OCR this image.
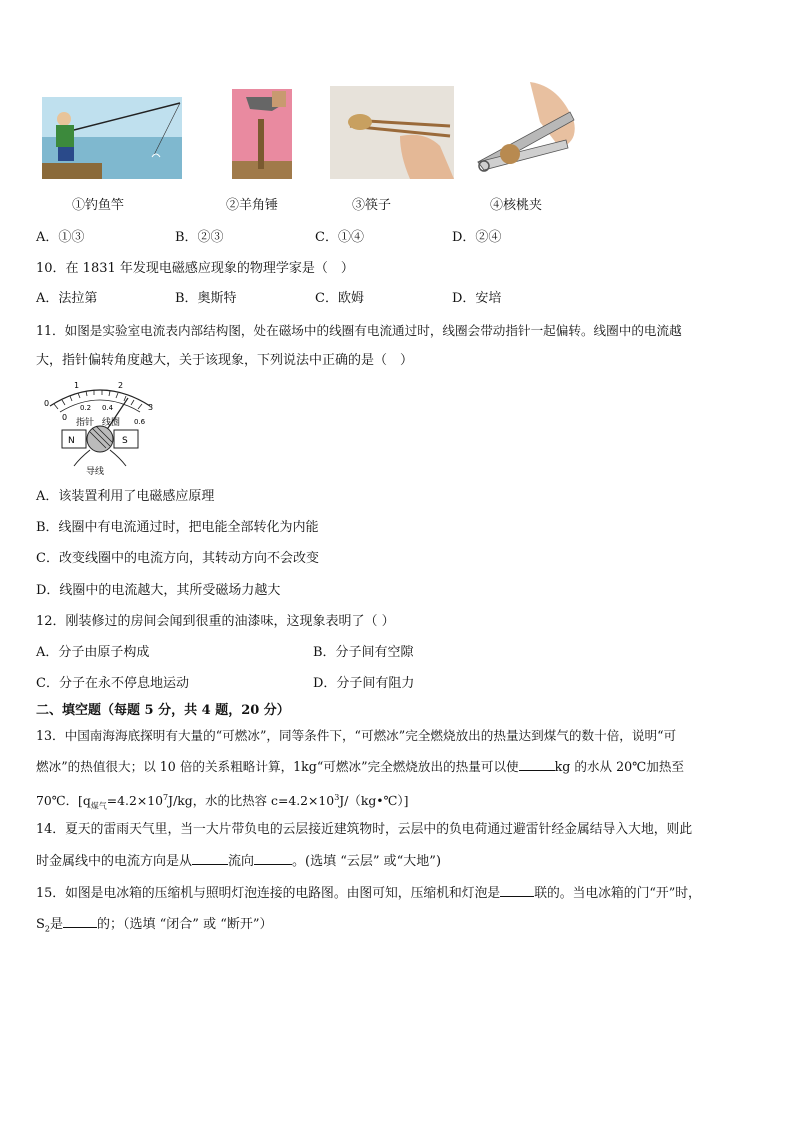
①钓鱼竿	②羊角锤	③筷子	④核桃夹
A．①③	B．②③	C．①④	D．②④
10．在 1831 年发现电磁感应现象的物理学家是（　）
A．法拉第	B．奥斯特	C．欧姆	D．安培
11．如图是实验室电流表内部结构图，处在磁场中的线圈有电流通过时，线圈会带动指针一起偏转。线圈中的电流越
大，指针偏转角度越大，关于该现象，下列说法中正确的是（　）
1	2
0	3
0.2 0.4
0.6
0
指针 线圈
N	S
导线
A．该装置利用了电磁感应原理
B．线圈中有电流通过时，把电能全部转化为内能
C．改变线圈中的电流方向，其转动方向不会改变
D．线圈中的电流越大，其所受磁场力越大
12．刚装修过的房间会闻到很重的油漆味，这现象表明了（ ）
A．分子由原子构成	B．分子间有空隙
C．分子在永不停息地运动	D．分子间有阻力
二、填空题（每题 5 分，共 4 题，20 分）
13．中国南海海底探明有大量的“可燃冰”，同等条件下，“可燃冰”完全燃烧放出的热量达到煤气的数十倍，说明“可
燃冰”的热值很大；以 10 倍的关系粗略计算，1kg“可燃冰”完全燃烧放出的热量可以使	kg 的水从 20℃加热至
70℃．[$q_{煤气}=4.2\times 10^7J/kg$，水的比热容 $c=4.2\times 10^3J/(kg•℃)$]
14．夏天的雷雨天气里，当一大片带负电的云层接近建筑物时，云层中的负电荷通过避雷针经金属结导入大地，则此
时金属线中的电流方向是从	流向	。(选填 “云层” 或“大地”)
15．如图是电冰箱的压缩机与照明灯泡连接的电路图。由图可知，压缩机和灯泡是	联的。当电冰箱的门“开”时，
$S_2$是	的；（选填 “闭合” 或 “断开”）
